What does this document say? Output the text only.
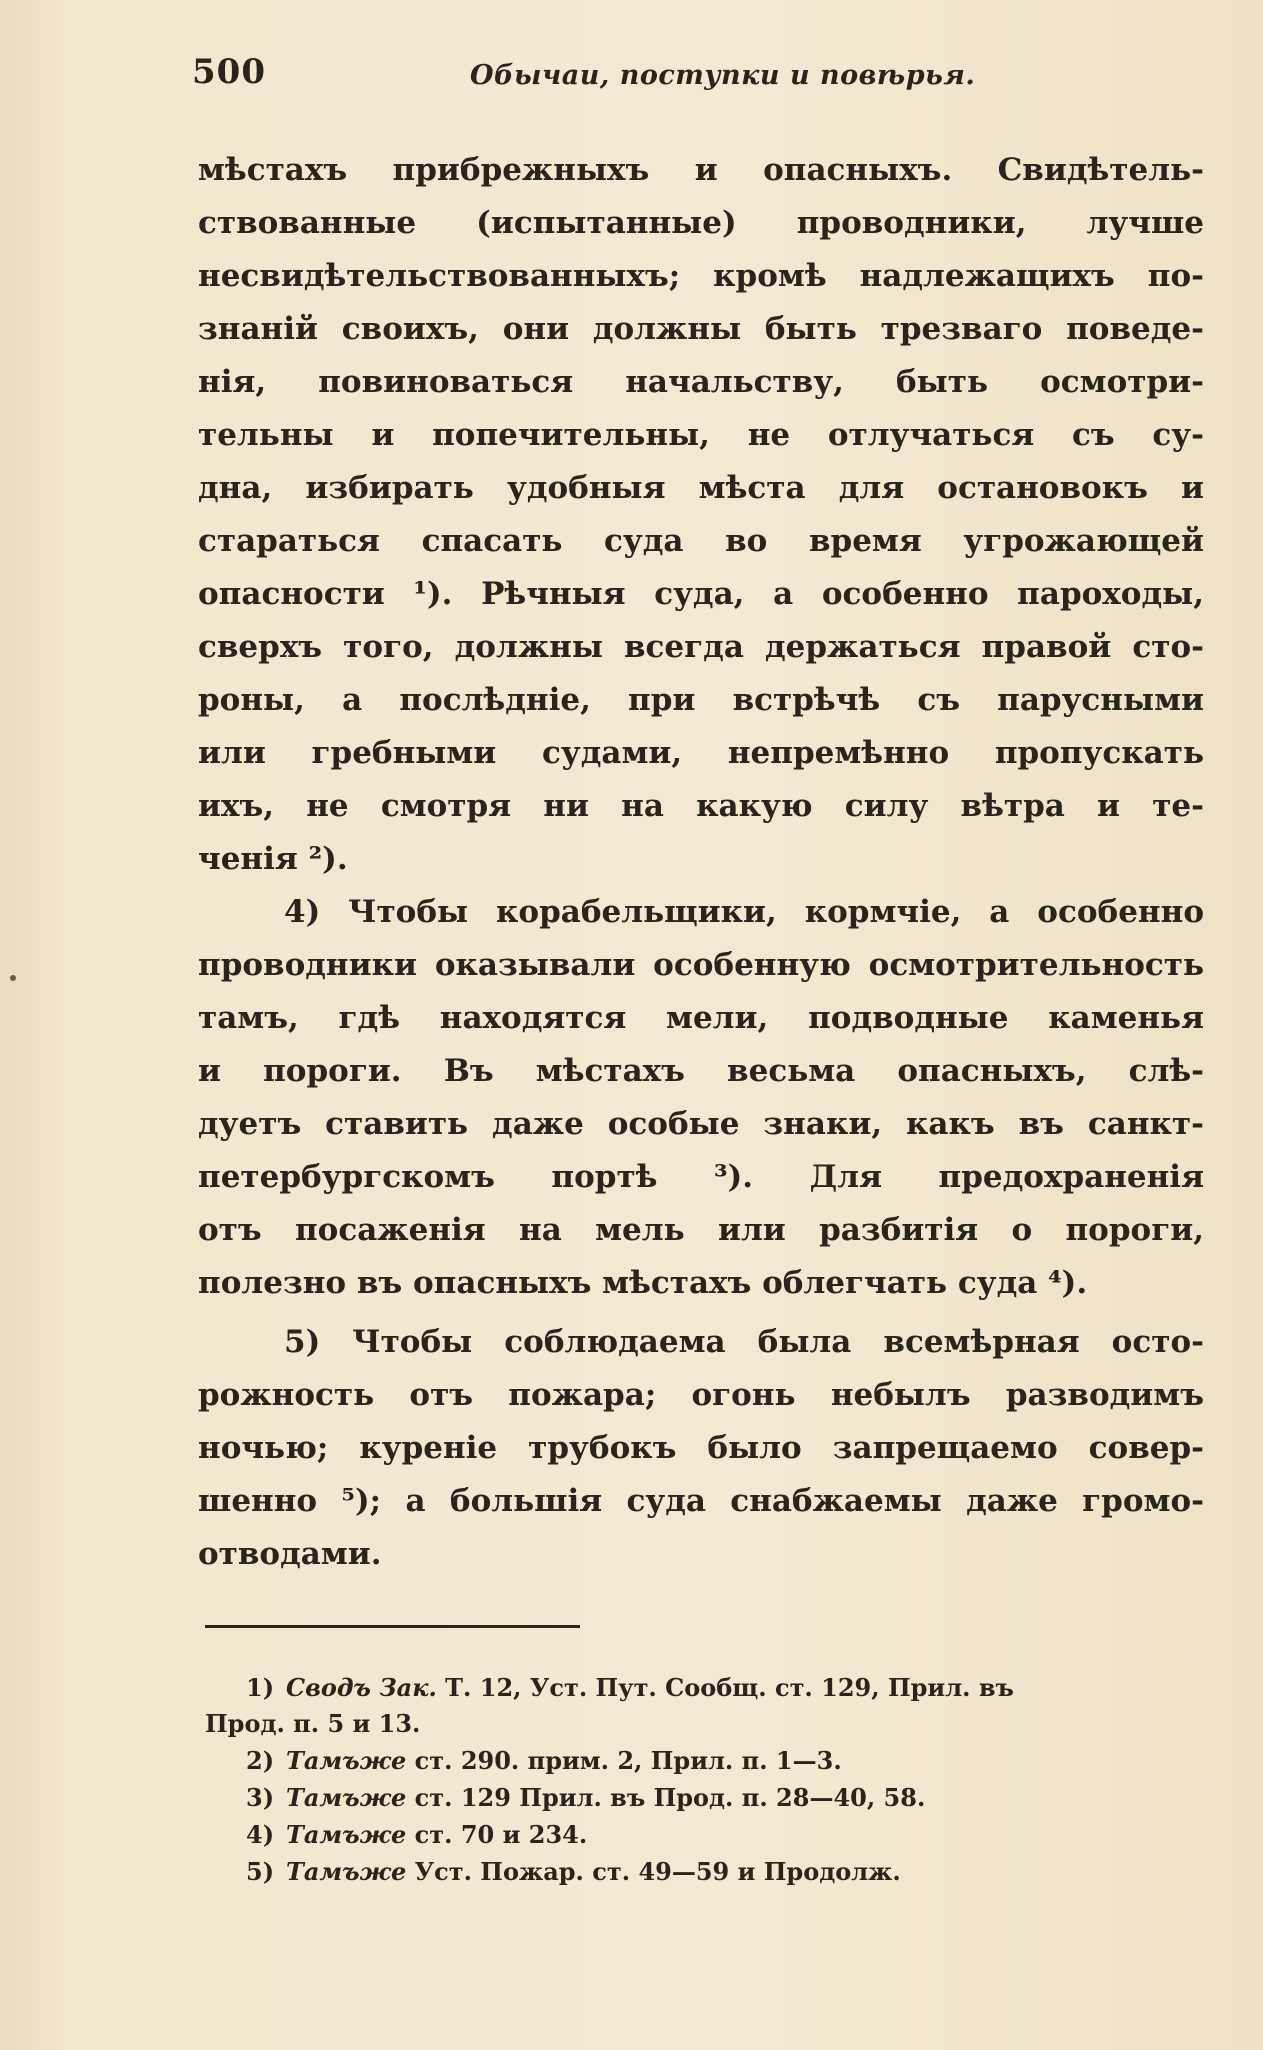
500	Обычаи, поступки и повѣрья.
мѣстахъ прибрежныхъ и опасныхъ. Свидѣтель-
ствованные (испытанные) проводники, лучше
несвидѣтельствованныхъ; кромѣ надлежащихъ по-
знаній своихъ, они должны быть трезваго поведе-
нія, повиноваться начальству, быть осмотри-
тельны и попечительны, не отлучаться съ су-
дна, избирать удобныя мѣста для остановокъ и
стараться спасать суда во время угрожающей
опасности ¹). Рѣчныя суда, а особенно пароходы,
сверхъ того, должны всегда держаться правой сто-
роны, а послѣдніе, при встрѣчѣ съ парусными
или гребными судами, непремѣнно пропускать
ихъ, не смотря ни на какую силу вѣтра и те-
ченія ²).
4) Чтобы корабельщики, кормчіе, а особенно
проводники оказывали особенную осмотрительность
тамъ, гдѣ находятся мели, подводные каменья
и пороги. Въ мѣстахъ весьма опасныхъ, слѣ-
дуетъ ставить даже особые знаки, какъ въ санкт-
петербургскомъ портѣ ³). Для предохраненія
отъ посаженія на мель или разбитія о пороги,
полезно въ опасныхъ мѣстахъ облегчать суда ⁴).
5) Чтобы соблюдаема была всемѣрная осто-
рожность отъ пожара; огонь небылъ разводимъ
ночью; куреніе трубокъ было запрещаемо совер-
шенно ⁵); а большія суда снабжаемы даже громо-
отводами.
1) Сводъ Зак. Т. 12, Уст. Пут. Сообщ. ст. 129, Прил. въ
Прод. п. 5 и 13.
2) Тамъже ст. 290. прим. 2, Прил. п. 1—3.
3) Тамъже ст. 129 Прил. въ Прод. п. 28—40, 58.
4) Тамъже ст. 70 и 234.
5) Тамъже Уст. Пожар. ст. 49—59 и Продолж.
